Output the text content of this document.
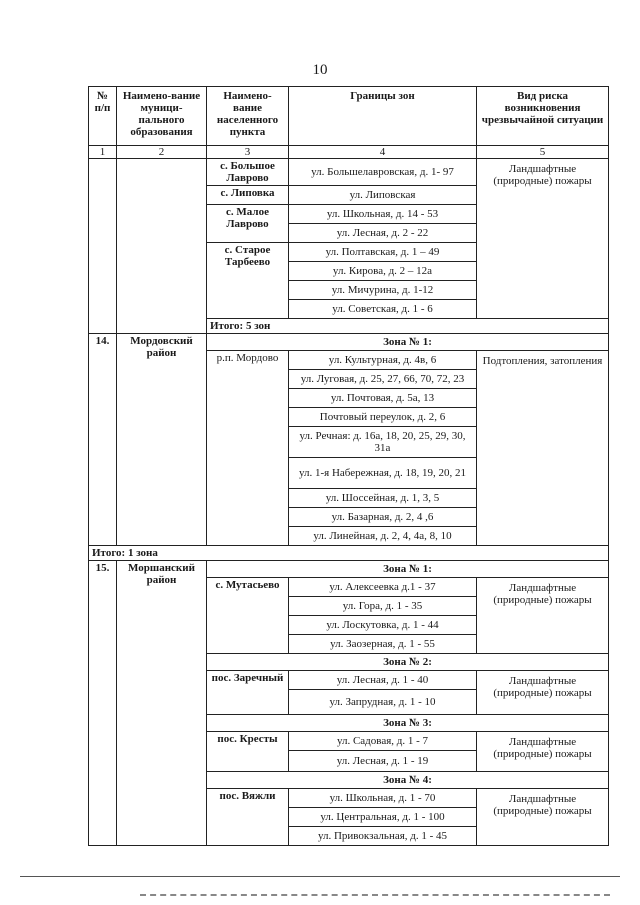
10
№ п/п	Наимено-вание муници-пального образования	Наимено-вание населенного пункта	Границы зон	Вид риска возникновения чрезвычайной ситуации
1	2	3	4	5
		с. Большое Лаврово	ул. Большелавровская, д. 1- 97	Ландшафтные (природные) пожары
		с. Липовка	ул. Липовская	
		с. Малое Лаврово	ул. Школьная, д. 14 - 53	
			ул. Лесная, д. 2 - 22	
		с. Старое Тарбеево	ул. Полтавская, д. 1 – 49	
			ул. Кирова, д. 2 – 12а	
			ул. Мичурина, д. 1-12	
			ул. Советская, д. 1 - 6	
		Итого: 5 зон		
14.	Мордовский район	Зона № 1:		
		р.п. Мордово	ул. Культурная, д. 4в, 6	Подтопления, затопления
			ул. Луговая, д. 25, 27, 66, 70, 72, 23	
			ул. Почтовая, д. 5а, 13	
			Почтовый переулок, д. 2, 6	
			ул. Речная: д. 16а, 18, 20, 25, 29, 30, 31а	
			ул. 1-я Набережная, д. 18, 19, 20, 21	
			ул. Шоссейная, д. 1, 3, 5	
			ул. Базарная, д. 2, 4 ,6	
			ул. Линейная, д. 2, 4, 4а, 8, 10	
Итого: 1 зона				
15.	Моршанский район	Зона № 1:		
		с. Мутасьево	ул. Алексеевка д.1 - 37	Ландшафтные (природные) пожары
			ул. Гора, д. 1 - 35	
			ул. Лоскутовка, д. 1 - 44	
			ул. Заозерная, д. 1 - 55	
		Зона № 2:		
		пос. Заречный	ул. Лесная, д. 1 - 40	Ландшафтные (природные) пожары
			ул. Запрудная, д. 1 - 10	
		Зона № 3:		
		пос. Кресты	ул. Садовая, д. 1 - 7	Ландшафтные (природные) пожары
			ул. Лесная, д. 1 - 19	
		Зона № 4:		
		пос. Вяжли	ул. Школьная, д. 1 - 70	Ландшафтные (природные) пожары
			ул. Центральная, д. 1 - 100	
			ул. Привокзальная, д. 1 - 45	
